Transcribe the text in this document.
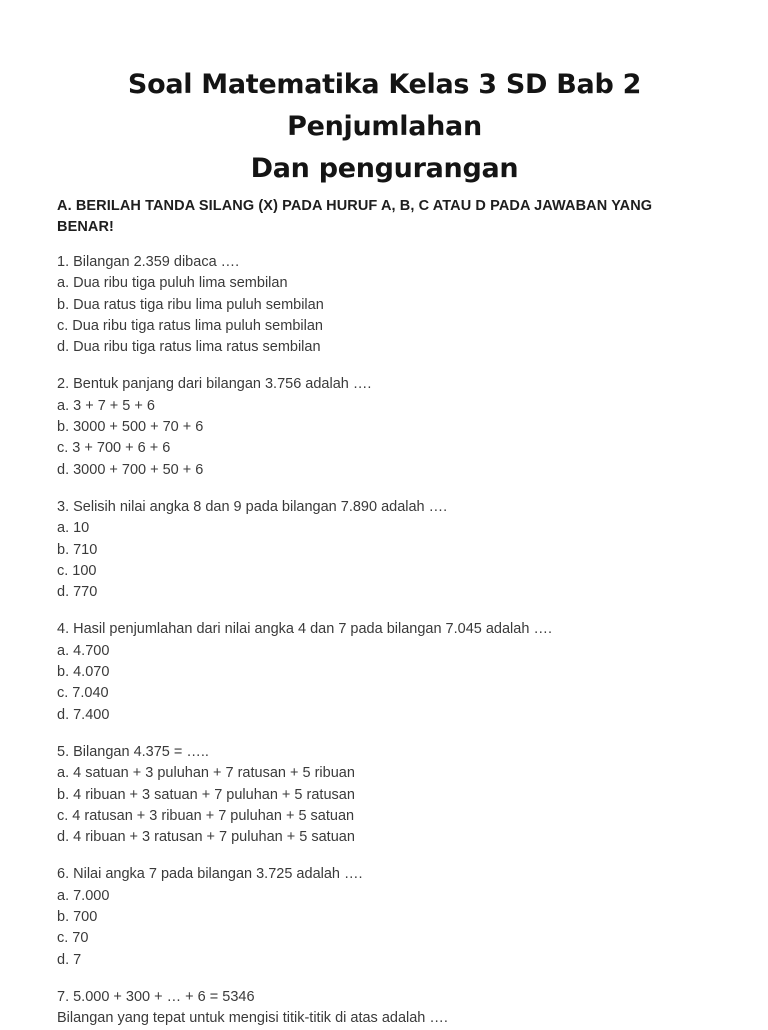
Soal Matematika Kelas 3 SD Bab 2 Penjumlahan
Dan pengurangan

A. BERILAH TANDA SILANG (X) PADA HURUF A, B, C ATAU D PADA JAWABAN YANG BENAR!

1. Bilangan 2.359 dibaca ….
a. Dua ribu tiga puluh lima sembilan
b. Dua ratus tiga ribu lima puluh sembilan
c. Dua ribu tiga ratus lima puluh sembilan
d. Dua ribu tiga ratus lima ratus sembilan
2. Bentuk panjang dari bilangan 3.756 adalah ….
a. 3 + 7 + 5 + 6
b. 3000 + 500 + 70 + 6
c. 3 + 700 + 6 + 6
d. 3000 + 700 + 50 + 6
3. Selisih nilai angka 8 dan 9 pada bilangan 7.890 adalah ….
a. 10
b. 710
c. 100
d. 770
4. Hasil penjumlahan dari nilai angka 4 dan 7 pada bilangan 7.045 adalah ….
a. 4.700
b. 4.070
c. 7.040
d. 7.400
5. Bilangan 4.375 = …..
a. 4 satuan + 3 puluhan + 7 ratusan + 5 ribuan
b. 4 ribuan + 3 satuan + 7 puluhan + 5 ratusan
c. 4 ratusan + 3 ribuan + 7 puluhan + 5 satuan
d. 4 ribuan + 3 ratusan + 7 puluhan + 5 satuan
6. Nilai angka 7 pada bilangan 3.725 adalah ….
a. 7.000
b. 700
c. 70
d. 7
7. 5.000 + 300 + … + 6 = 5346
Bilangan yang tepat untuk mengisi titik-titik di atas adalah ….
